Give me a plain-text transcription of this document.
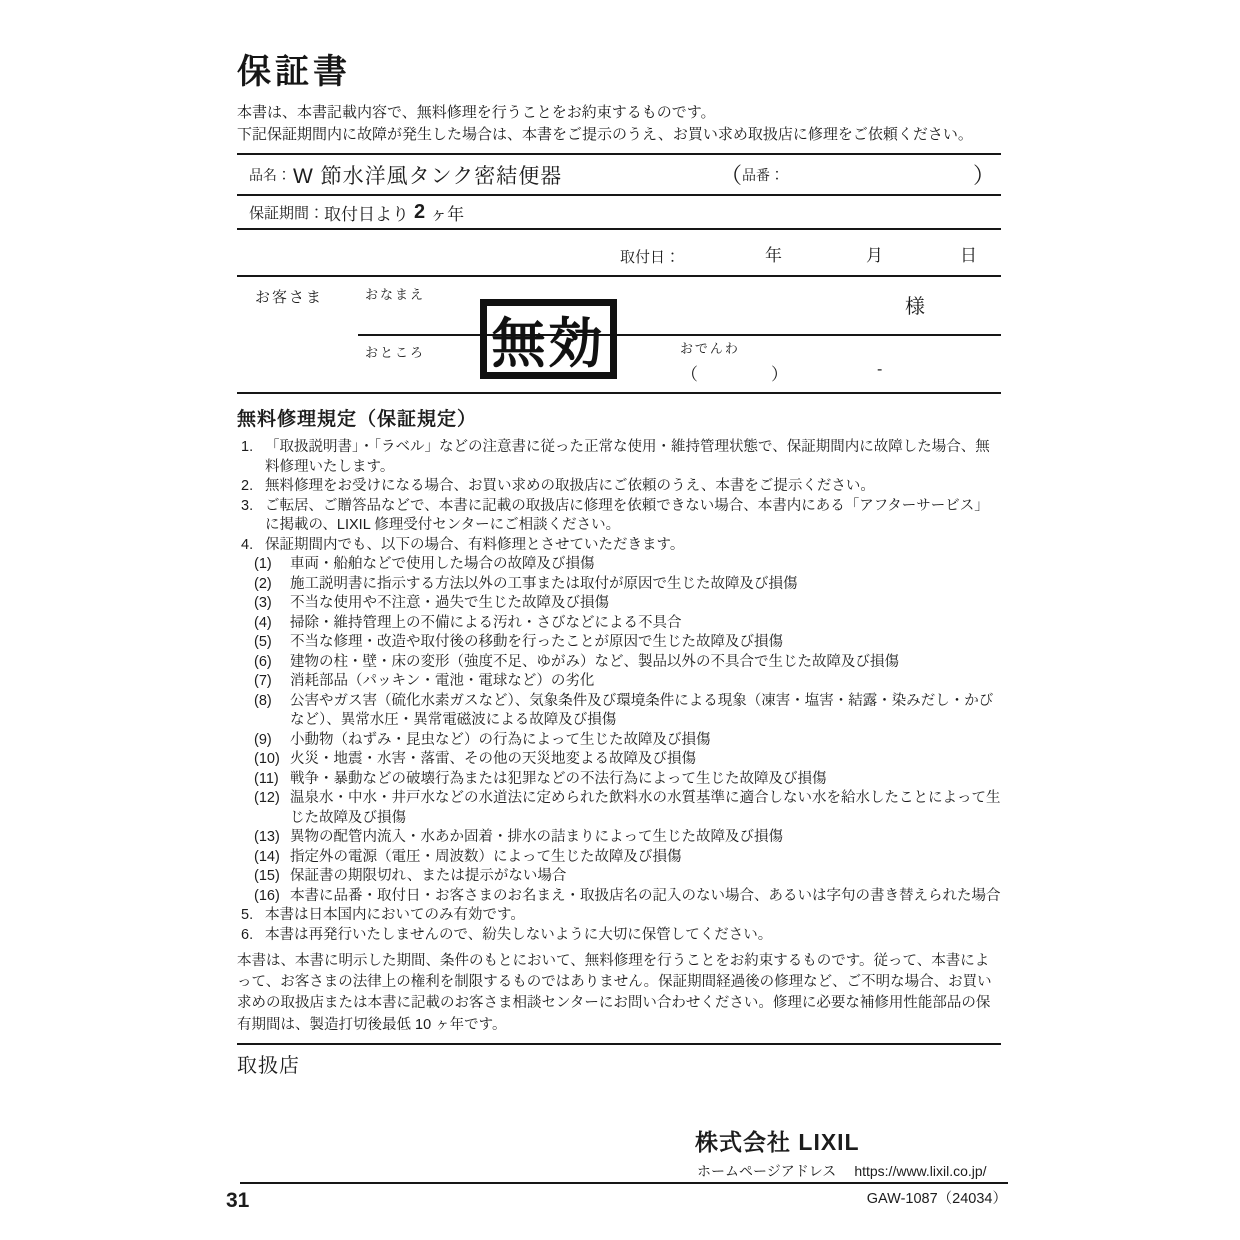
保証書

本書は、本書記載内容で、無料修理を行うことをお約束するものです。

下記保証期間内に故障が発生した場合は、本書をご提示のうえ、お買い求め取扱店に修理をご依頼ください。

品名： W 節水洋風タンク密結便器	（ 品番：	）
保証期間： 取付日より 2 ヶ年
取付日：	年	月	日
お客さま	おなまえ
様
おところ	おでんわ
（	）	-
無効
無料修理規定（保証規定）
1. 「取扱説明書」・「ラベル」などの注意書に従った正常な使用・維持管理状態で、保証期間内に故障した場合、無料修理いたします。
2. 無料修理をお受けになる場合、お買い求めの取扱店にご依頼のうえ、本書をご提示ください。
3. ご転居、ご贈答品などで、本書に記載の取扱店に修理を依頼できない場合、本書内にある「アフターサービス」に掲載の、LIXIL 修理受付センターにご相談ください。
4. 保証期間内でも、以下の場合、有料修理とさせていただきます。
(1)	車両・船舶などで使用した場合の故障及び損傷
(2)	施工説明書に指示する方法以外の工事または取付が原因で生じた故障及び損傷
(3)	不当な使用や不注意・過失で生じた故障及び損傷
(4)	掃除・維持管理上の不備による汚れ・さびなどによる不具合
(5)	不当な修理・改造や取付後の移動を行ったことが原因で生じた故障及び損傷
(6)	建物の柱・壁・床の変形（強度不足、ゆがみ）など、製品以外の不具合で生じた故障及び損傷
(7)	消耗部品（パッキン・電池・電球など）の劣化
(8)	公害やガス害（硫化水素ガスなど）、気象条件及び環境条件による現象（凍害・塩害・結露・染みだし・かびなど）、異常水圧・異常電磁波による故障及び損傷
(9)	小動物（ねずみ・昆虫など）の行為によって生じた故障及び損傷
(10) 火災・地震・水害・落雷、その他の天災地変よる故障及び損傷
(11) 戦争・暴動などの破壊行為または犯罪などの不法行為によって生じた故障及び損傷
(12) 温泉水・中水・井戸水などの水道法に定められた飲料水の水質基準に適合しない水を給水したことによって生じた故障及び損傷
(13) 異物の配管内流入・水あか固着・排水の詰まりによって生じた故障及び損傷
(14) 指定外の電源（電圧・周波数）によって生じた故障及び損傷
(15) 保証書の期限切れ、または提示がない場合
(16) 本書に品番・取付日・お客さまのお名まえ・取扱店名の記入のない場合、あるいは字句の書き替えられた場合
5. 本書は日本国内においてのみ有効です。
6. 本書は再発行いたしませんので、紛失しないように大切に保管してください。
本書は、本書に明示した期間、条件のもとにおいて、無料修理を行うことをお約束するものです。従って、本書によって、お客さまの法律上の権利を制限するものではありません。保証期間経過後の修理など、ご不明な場合、お買い求めの取扱店または本書に記載のお客さま相談センターにお問い合わせください。修理に必要な補修用性能部品の保有期間は、製造打切後最低 10 ヶ年です。
取扱店
株式会社 LIXIL
ホームページアドレス https://www.lixil.co.jp/
GAW-1087（24034）
31
